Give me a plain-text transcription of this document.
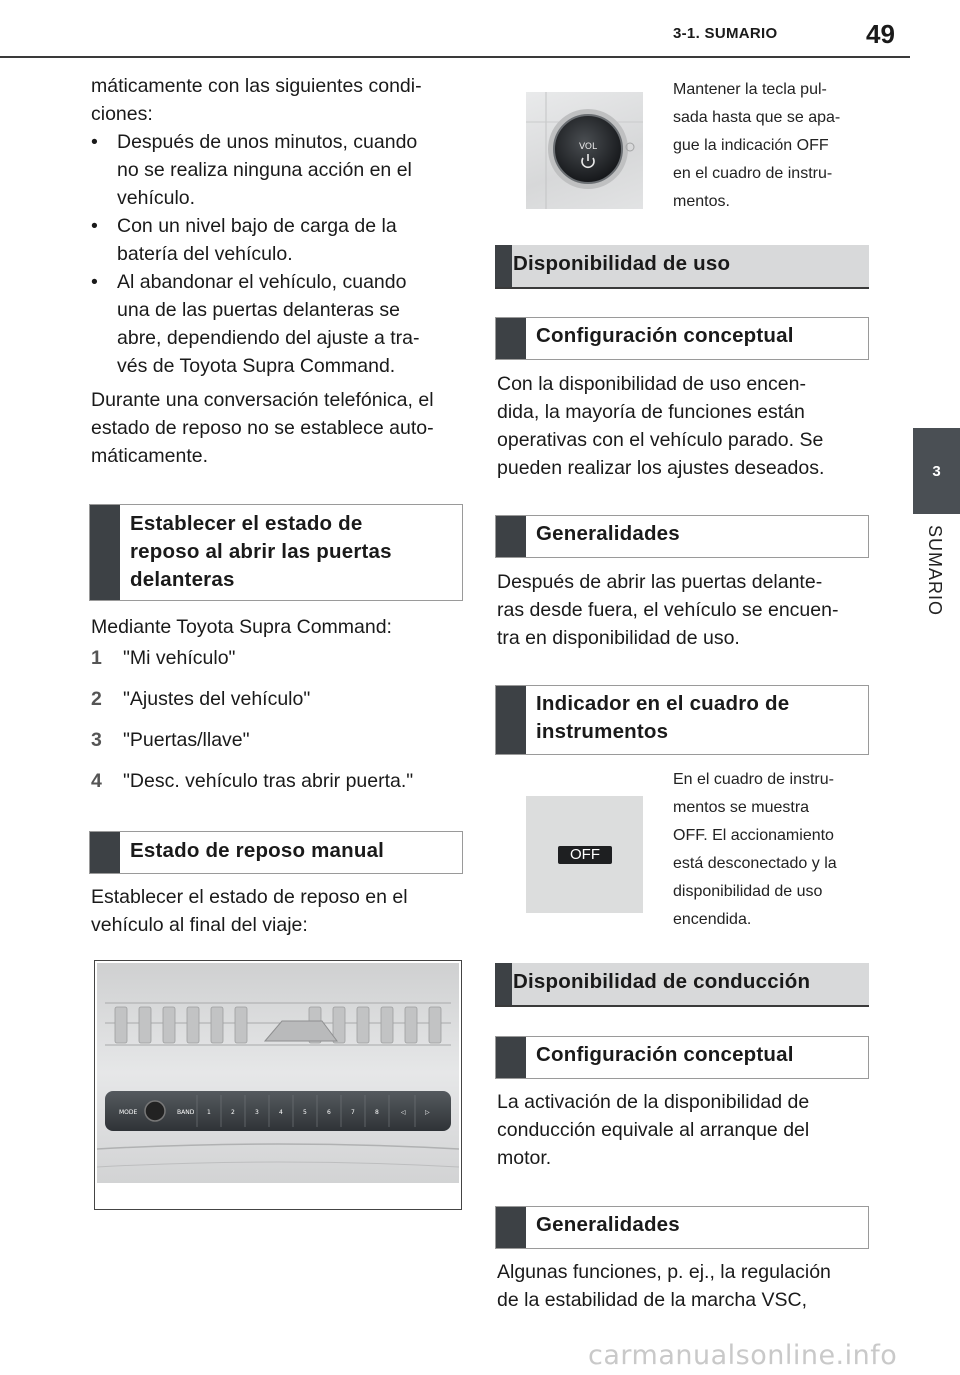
3-1. SUMARIO	49
3
SUMARIO
máticamente con las siguientes condi-
ciones:
• Después de unos minutos, cuando
no se realiza ninguna acción en el
vehículo.
• Con un nivel bajo de carga de la
batería del vehículo.
• Al abandonar el vehículo, cuando
una de las puertas delanteras se
abre, dependiendo del ajuste a tra-
vés de Toyota Supra Command.
Durante una conversación telefónica, el
estado de reposo no se establece auto-
máticamente.
Establecer el estado de
reposo al abrir las puertas
delanteras
Mediante Toyota Supra Command:
1	"Mi vehículo"
2	"Ajustes del vehículo"
3	"Puertas/llave"
4	"Desc. vehículo tras abrir puerta."
Estado de reposo manual
Establecer el estado de reposo en el
vehículo al final del viaje:
MODE	BAND 1	2	3	4	5	6	7	8	◁	▷
VOL
Mantener la tecla pul-
sada hasta que se apa-
gue la indicación OFF
en el cuadro de instru-
mentos.
Disponibilidad de uso
Configuración conceptual
Con la disponibilidad de uso encen-
dida, la mayoría de funciones están
operativas con el vehículo parado. Se
pueden realizar los ajustes deseados.
Generalidades
Después de abrir las puertas delante-
ras desde fuera, el vehículo se encuen-
tra en disponibilidad de uso.
Indicador en el cuadro de
instrumentos
OFF
En el cuadro de instru-
mentos se muestra
OFF. El accionamiento
está desconectado y la
disponibilidad de uso
encendida.
Disponibilidad de conducción
Configuración conceptual
La activación de la disponibilidad de
conducción equivale al arranque del
motor.
Generalidades
Algunas funciones, p. ej., la regulación
de la estabilidad de la marcha VSC,
carmanualsonline.info
